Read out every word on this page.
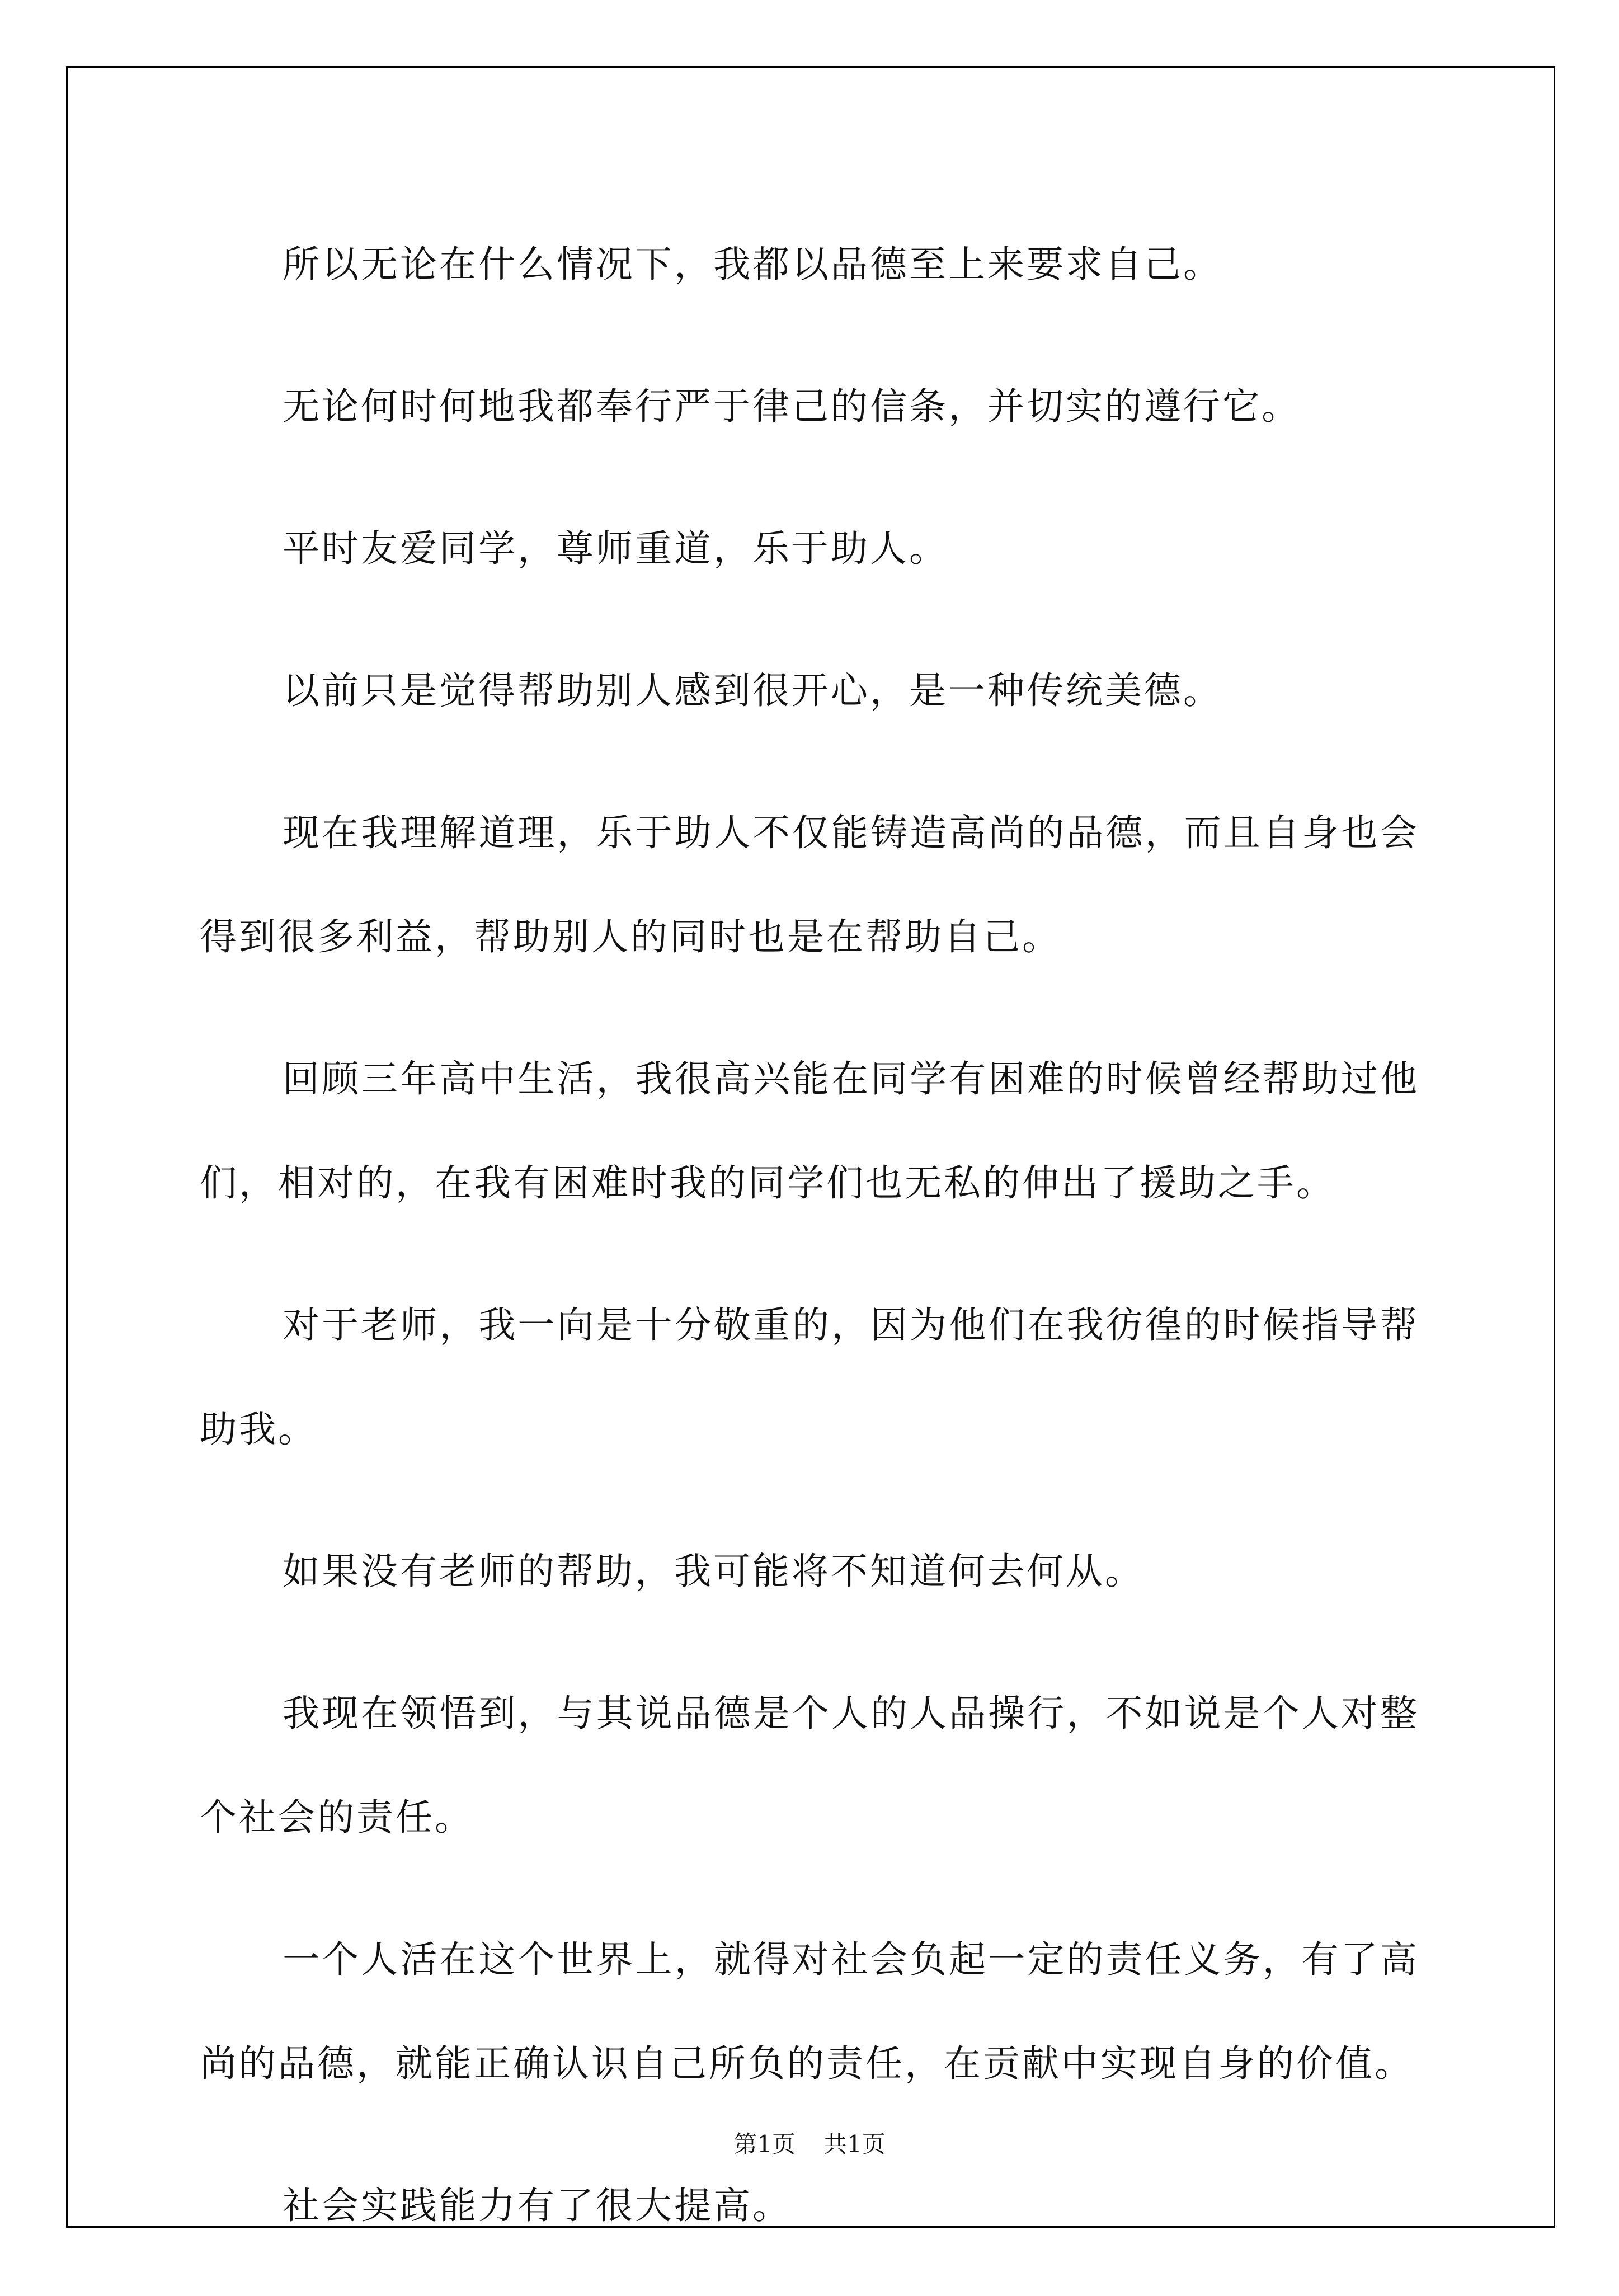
所以无论在什么情况下，我都以品德至上来要求自己。

无论何时何地我都奉行严于律己的信条，并切实的遵行它。

平时友爱同学，尊师重道，乐于助人。

以前只是觉得帮助别人感到很开心，是一种传统美德。

现在我理解道理，乐于助人不仅能铸造高尚的品德，而且自身也会得到很多利益，帮助别人的同时也是在帮助自己。

回顾三年高中生活，我很高兴能在同学有困难的时候曾经帮助过他们，相对的，在我有困难时我的同学们也无私的伸出了援助之手。

对于老师，我一向是十分敬重的，因为他们在我彷徨的时候指导帮助我。

如果没有老师的帮助，我可能将不知道何去何从。

我现在领悟到，与其说品德是个人的人品操行，不如说是个人对整个社会的责任。

一个人活在这个世界上，就得对社会负起一定的责任义务，有了高尚的品德，就能正确认识自己所负的责任，在贡献中实现自身的价值。

社会实践能力有了很大提高。

第1页 共1页
